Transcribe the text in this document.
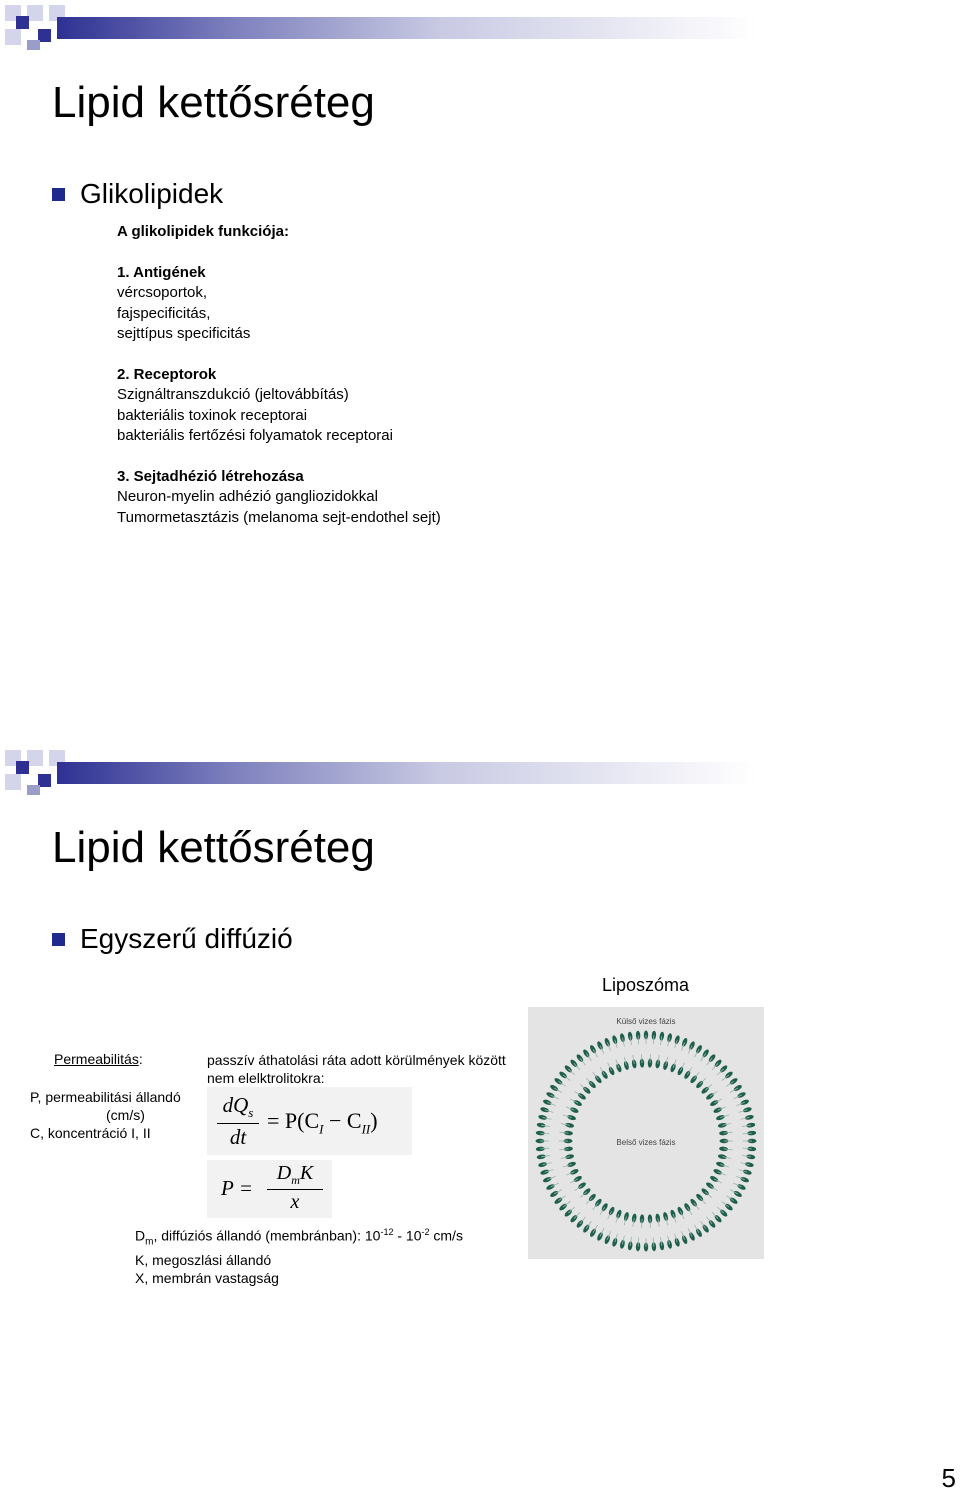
Lipid kettősréteg
Glikolipidek

A glikolipidek funkciója:

1. Antigének

vércsoportok,

fajspecificitás,

sejttípus specificitás

2. Receptorok

Szignáltranszdukció (jeltovábbítás)

bakteriális toxinok receptorai

bakteriális fertőzési folyamatok receptorai

3. Sejtadhézió létrehozása

Neuron-myelin adhézió gangliozidokkal

Tumormetasztázis (melanoma sejt-endothel sejt)

Lipid kettősréteg
Egyszerű diffúzió
Liposzóma
Permeabilitás:
P, permeabilitási állandó
(cm/s)
C, koncentráció I, II
passzív áthatolási ráta adott körülmények között nem elelktrolitokra:
$dQ_s$
dt
= $P(C_I - C_{II})$
P =
$D_mK$
x
$D_m$, diffúziós állandó (membránban): $10^{-12} - 10^{-2}$ cm/s
K, megoszlási állandó
X, membrán vastagság
Külső vizes fázis
Belső vizes fázis
5
